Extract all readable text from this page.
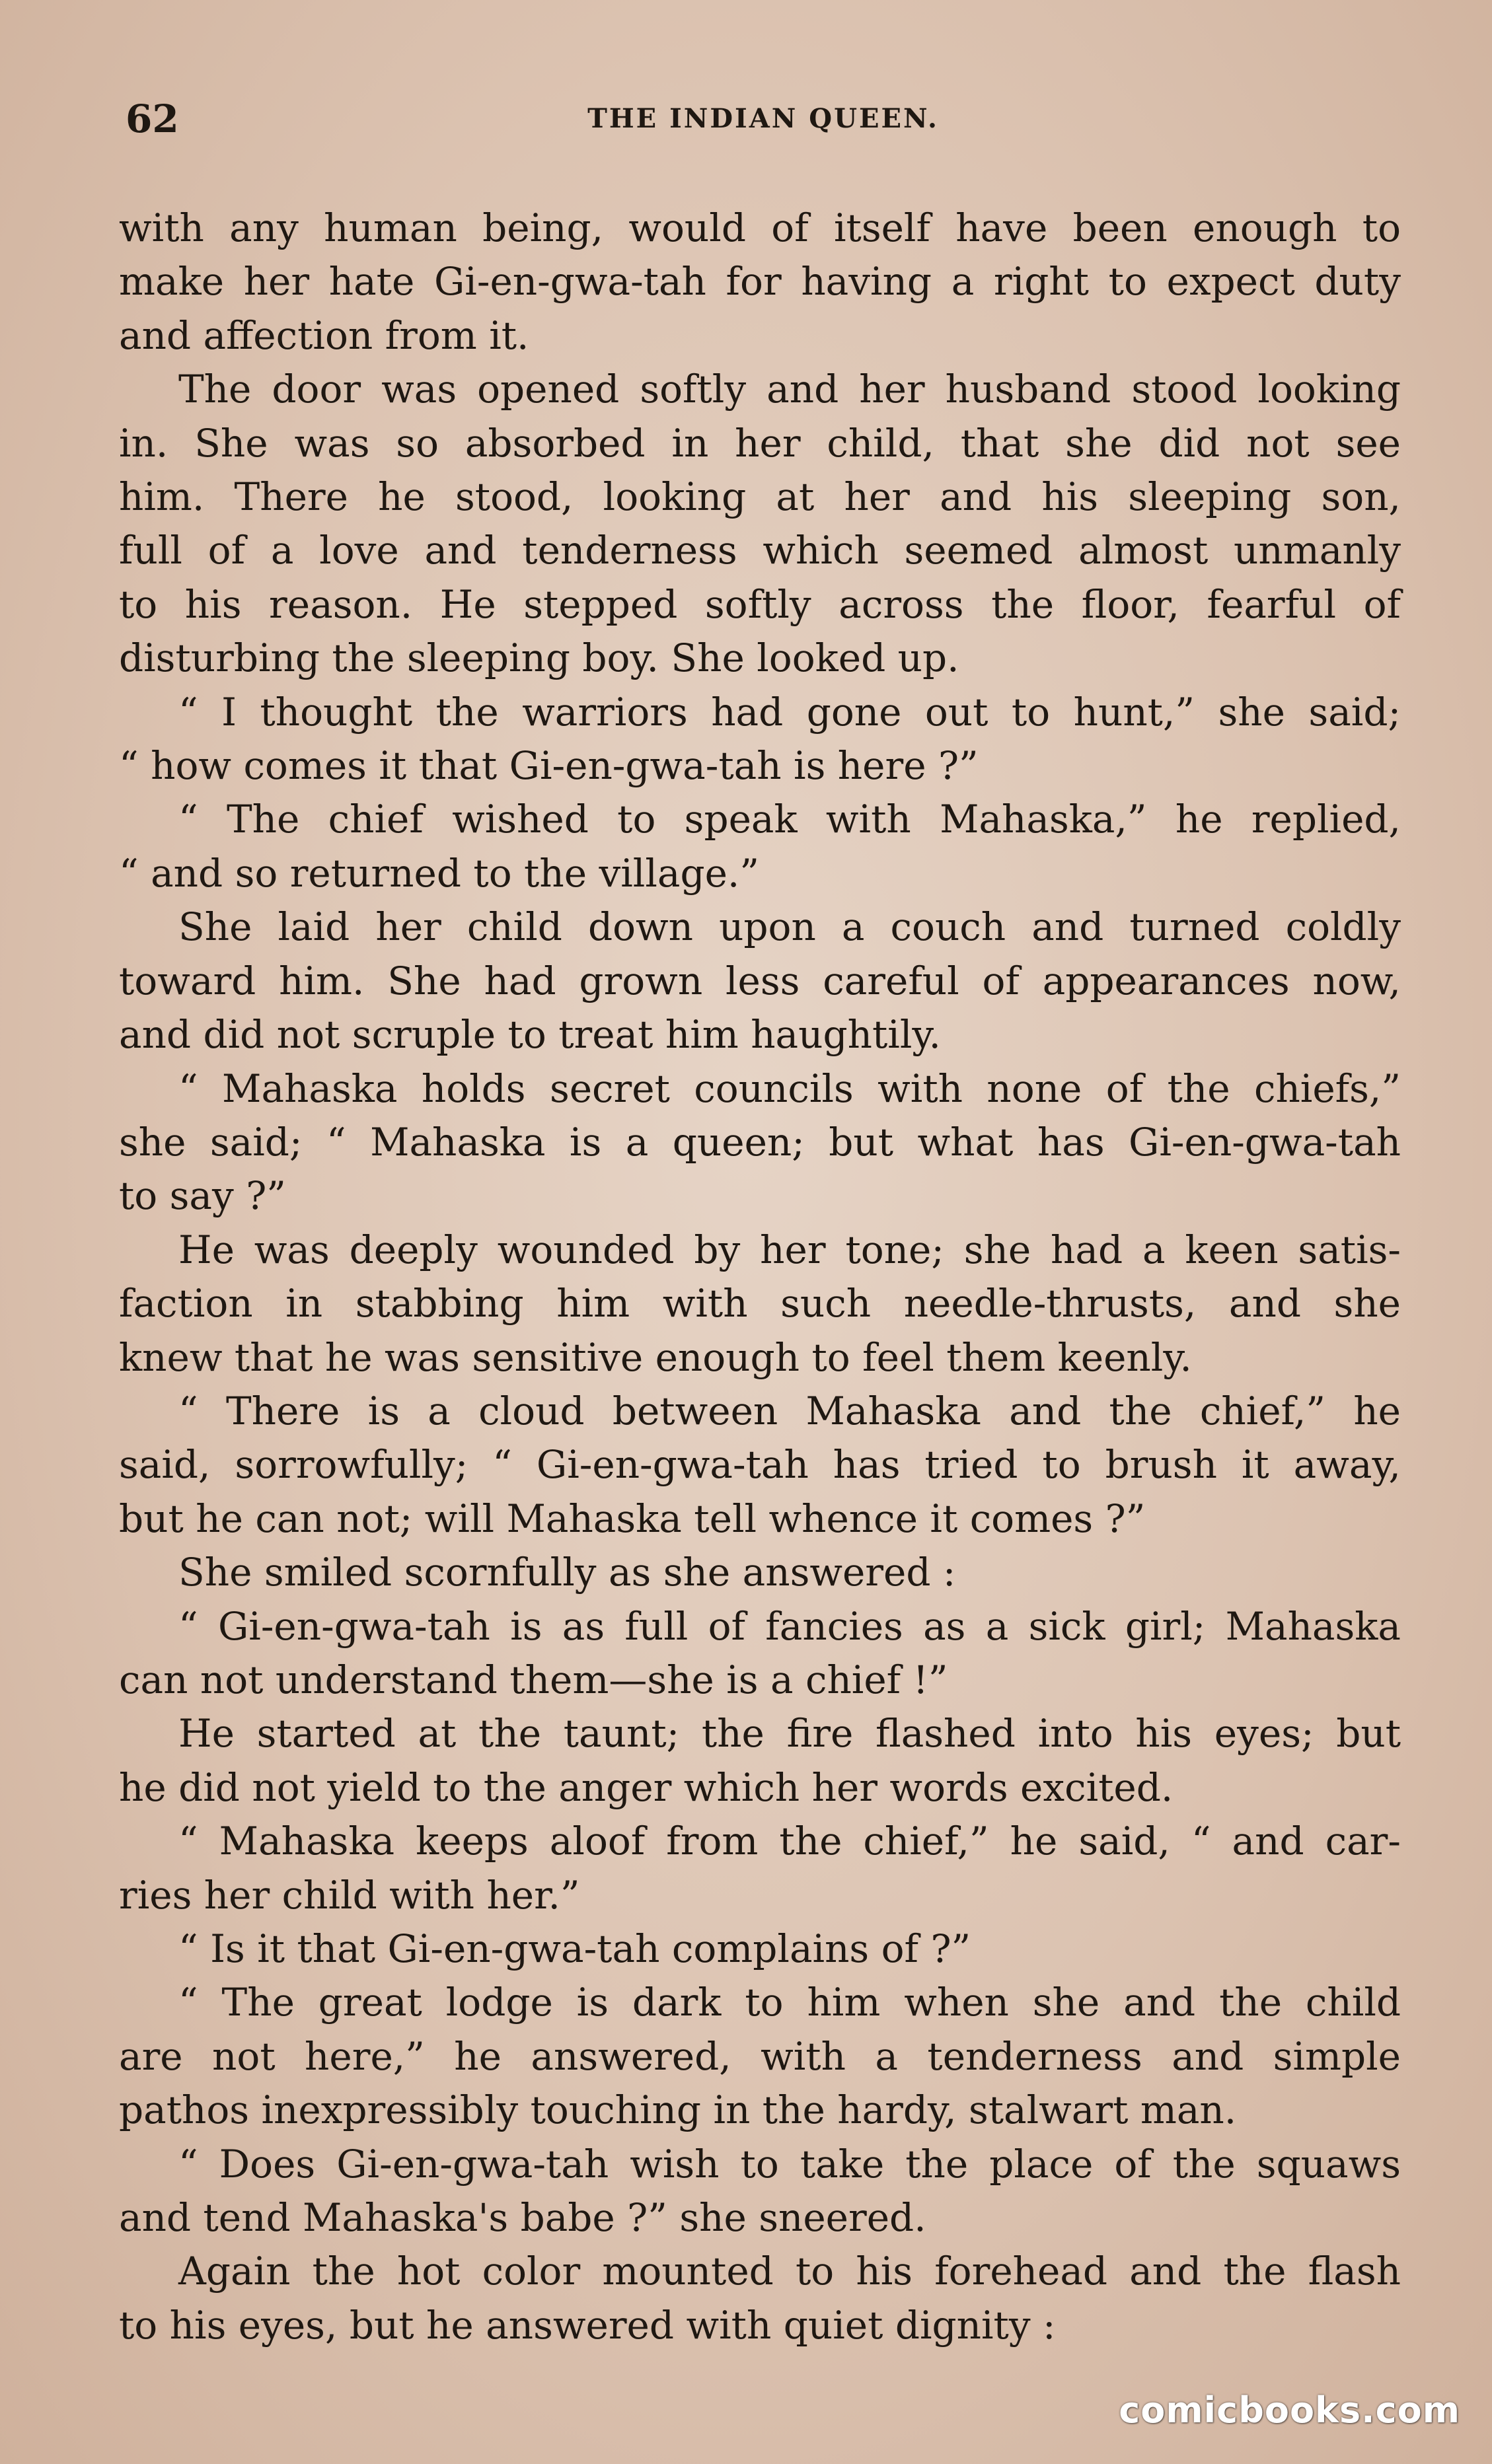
62	THE INDIAN QUEEN.

with any human being, would of itself have been enough to
make her hate Gi-en-gwa-tah for having a right to expect duty
and affection from it.

The door was opened softly and her husband stood looking
in. She was so absorbed in her child, that she did not see
him. There he stood, looking at her and his sleeping son,
full of a love and tenderness which seemed almost unmanly
to his reason. He stepped softly across the floor, fearful of
disturbing the sleeping boy. She looked up.

“ I thought the warriors had gone out to hunt,” she said;
“ how comes it that Gi-en-gwa-tah is here ?”

“ The chief wished to speak with Mahaska,” he replied,
“ and so returned to the village.”

She laid her child down upon a couch and turned coldly
toward him. She had grown less careful of appearances now,
and did not scruple to treat him haughtily.

“ Mahaska holds secret councils with none of the chiefs,”
she said; “ Mahaska is a queen; but what has Gi-en-gwa-tah
to say ?”

He was deeply wounded by her tone; she had a keen satis-
faction in stabbing him with such needle-thrusts, and she
knew that he was sensitive enough to feel them keenly.

“ There is a cloud between Mahaska and the chief,” he
said, sorrowfully; “ Gi-en-gwa-tah has tried to brush it away,
but he can not; will Mahaska tell whence it comes ?”

She smiled scornfully as she answered :

“ Gi-en-gwa-tah is as full of fancies as a sick girl; Mahaska
can not understand them—she is a chief !”

He started at the taunt; the fire flashed into his eyes; but
he did not yield to the anger which her words excited.

“ Mahaska keeps aloof from the chief,” he said, “ and car-
ries her child with her.”

“ Is it that Gi-en-gwa-tah complains of ?”

“ The great lodge is dark to him when she and the child
are not here,” he answered, with a tenderness and simple
pathos inexpressibly touching in the hardy, stalwart man.

“ Does Gi-en-gwa-tah wish to take the place of the squaws
and tend Mahaska's babe ?” she sneered.

Again the hot color mounted to his forehead and the flash
to his eyes, but he answered with quiet dignity :

comicbooks.com
